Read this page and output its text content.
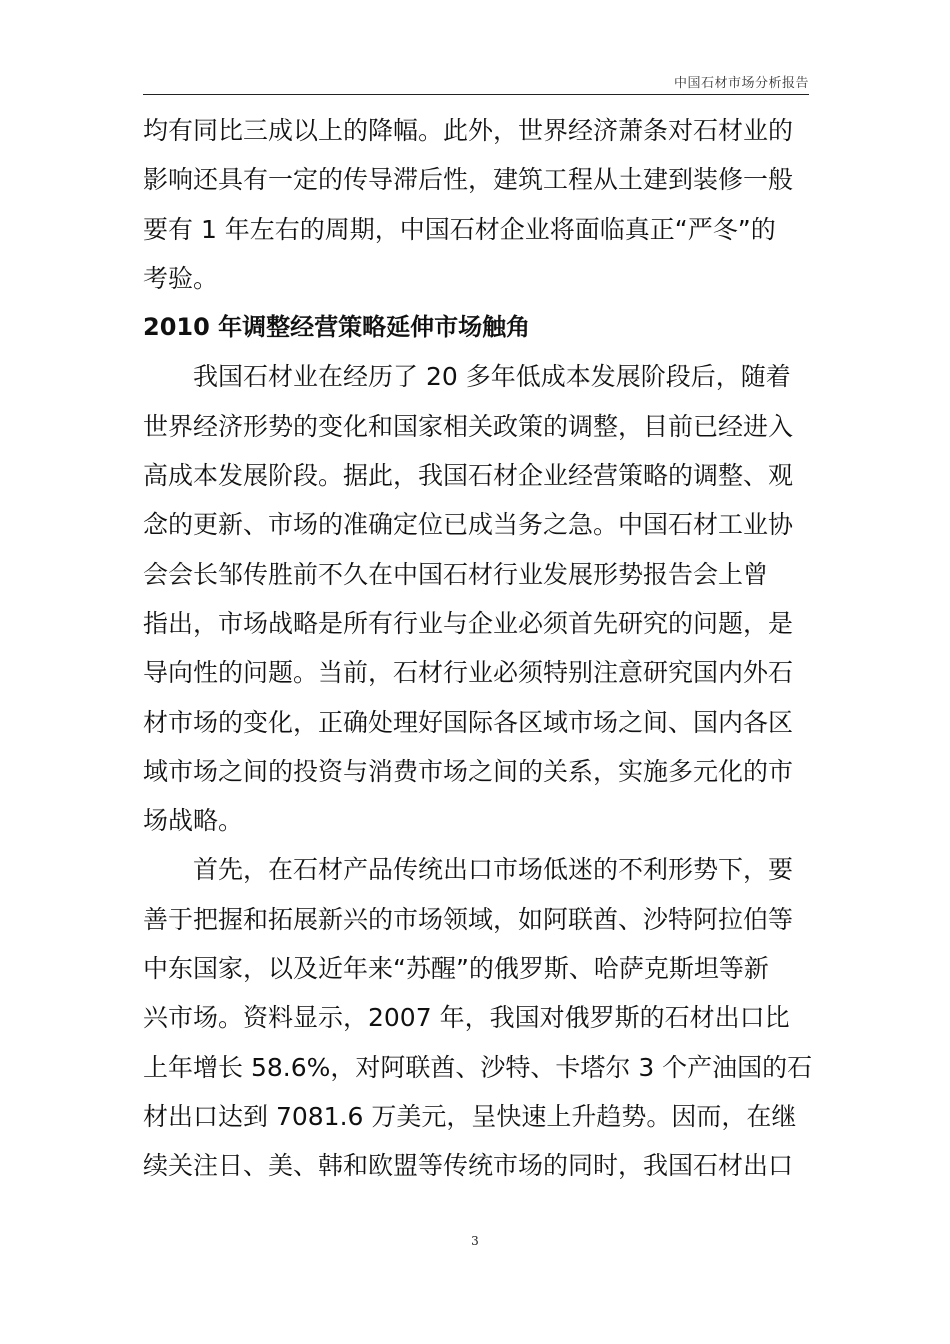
中国石材市场分析报告
均有同比三成以上的降幅。此外，世界经济萧条对石材业的
影响还具有一定的传导滞后性，建筑工程从土建到装修一般
要有 1 年左右的周期，中国石材企业将面临真正“严冬”的
考验。
2010 年调整经营策略延伸市场触角
我国石材业在经历了 20 多年低成本发展阶段后，随着
世界经济形势的变化和国家相关政策的调整，目前已经进入
高成本发展阶段。据此，我国石材企业经营策略的调整、观
念的更新、市场的准确定位已成当务之急。中国石材工业协
会会长邹传胜前不久在中国石材行业发展形势报告会上曾
指出，市场战略是所有行业与企业必须首先研究的问题，是
导向性的问题。当前，石材行业必须特别注意研究国内外石
材市场的变化，正确处理好国际各区域市场之间、国内各区
域市场之间的投资与消费市场之间的关系，实施多元化的市
场战略。
首先，在石材产品传统出口市场低迷的不利形势下，要
善于把握和拓展新兴的市场领域，如阿联酋、沙特阿拉伯等
中东国家，以及近年来“苏醒”的俄罗斯、哈萨克斯坦等新
兴市场。资料显示，2007 年，我国对俄罗斯的石材出口比
上年增长 58.6%，对阿联酋、沙特、卡塔尔 3 个产油国的石
材出口达到 7081.6 万美元，呈快速上升趋势。因而，在继
续关注日、美、韩和欧盟等传统市场的同时，我国石材出口
3
